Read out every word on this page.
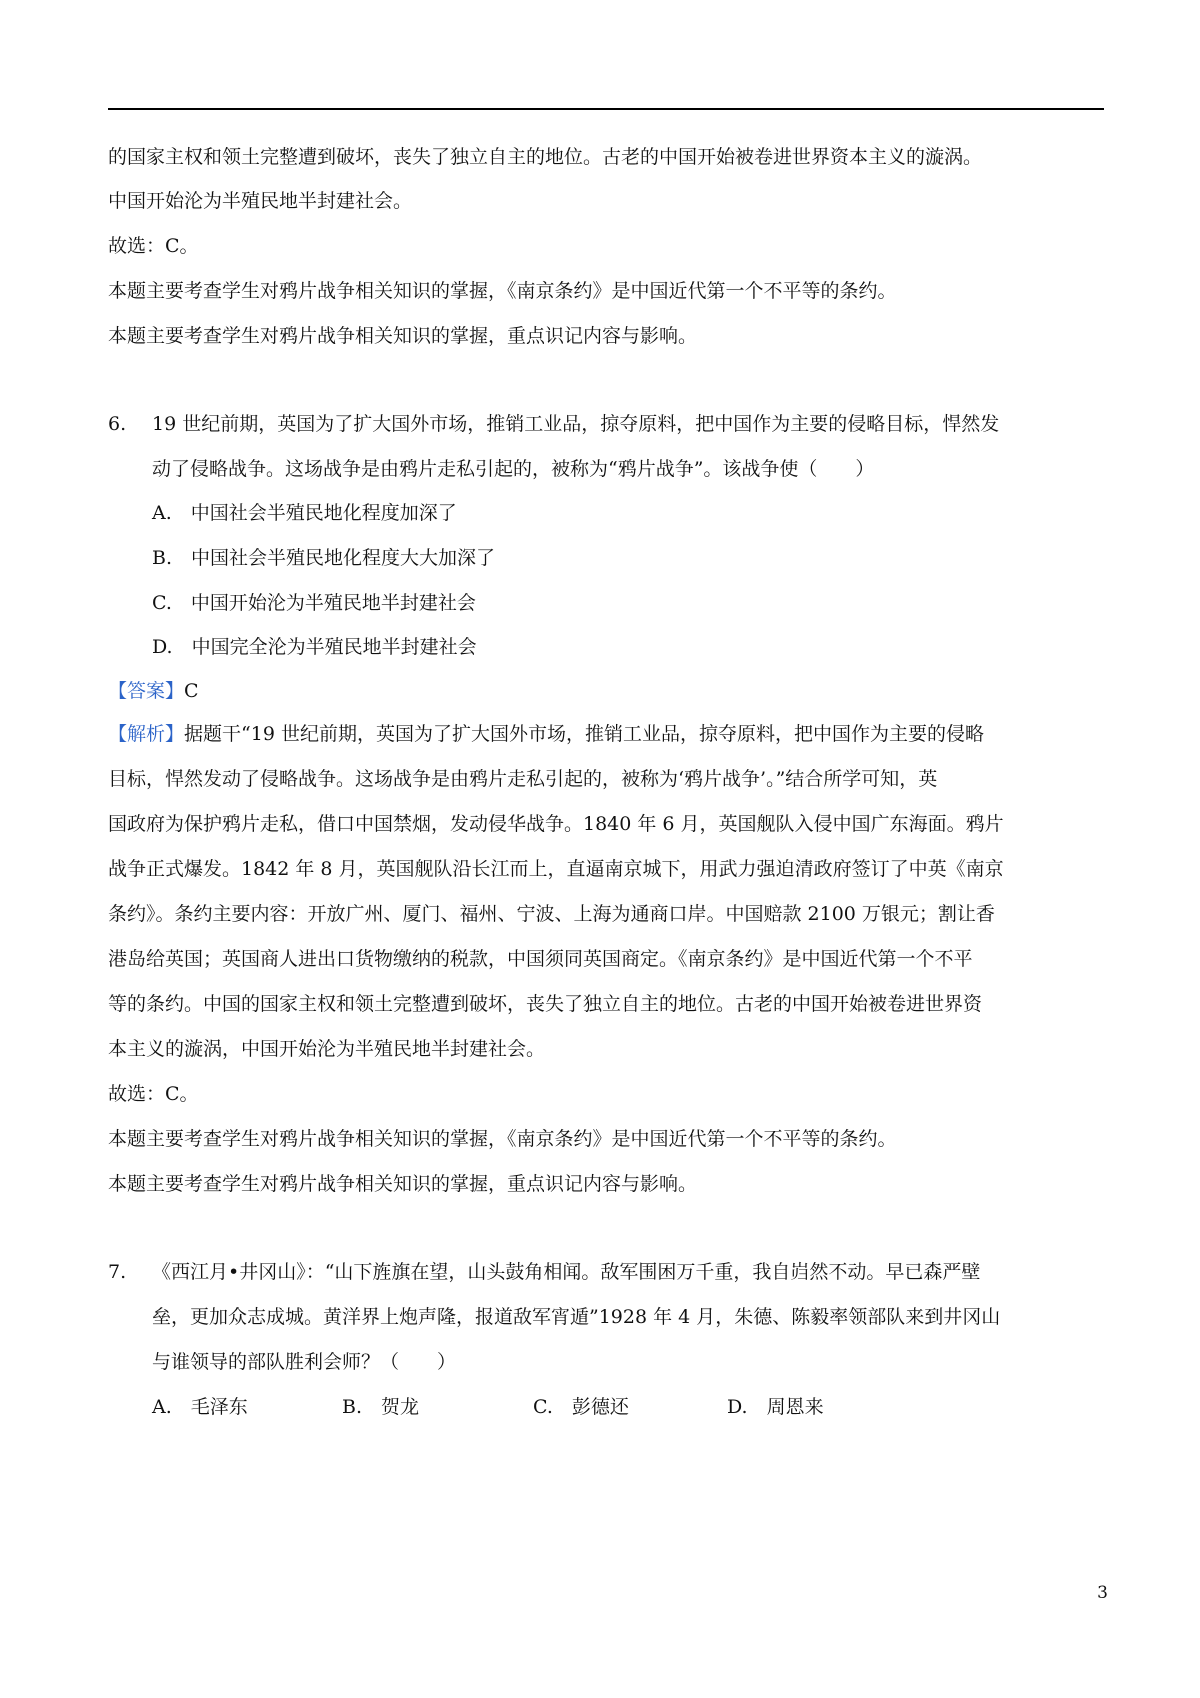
的国家主权和领土完整遭到破坏，丧失了独立自主的地位。古老的中国开始被卷进世界资本主义的漩涡。
中国开始沦为半殖民地半封建社会。
故选：C。
本题主要考查学生对鸦片战争相关知识的掌握，《南京条约》是中国近代第一个不平等的条约。
本题主要考查学生对鸦片战争相关知识的掌握，重点识记内容与影响。
6. 19 世纪前期，英国为了扩大国外市场，推销工业品，掠夺原料，把中国作为主要的侵略目标，悍然发
动了侵略战争。这场战争是由鸦片走私引起的，被称为“鸦片战争”。该战争使（　　）
A.　中国社会半殖民地化程度加深了
B.　中国社会半殖民地化程度大大加深了
C.　中国开始沦为半殖民地半封建社会
D.　中国完全沦为半殖民地半封建社会
【答案】C
【解析】据题干“19 世纪前期，英国为了扩大国外市场，推销工业品，掠夺原料，把中国作为主要的侵略
目标，悍然发动了侵略战争。这场战争是由鸦片走私引起的，被称为‘鸦片战争’。”结合所学可知，英
国政府为保护鸦片走私，借口中国禁烟，发动侵华战争。1840 年 6 月，英国舰队入侵中国广东海面。鸦片
战争正式爆发。1842 年 8 月，英国舰队沿长江而上，直逼南京城下，用武力强迫清政府签订了中英《南京
条约》。条约主要内容：开放广州、厦门、福州、宁波、上海为通商口岸。中国赔款 2100 万银元；割让香
港岛给英国；英国商人进出口货物缴纳的税款，中国须同英国商定。《南京条约》是中国近代第一个不平
等的条约。中国的国家主权和领土完整遭到破坏，丧失了独立自主的地位。古老的中国开始被卷进世界资
本主义的漩涡，中国开始沦为半殖民地半封建社会。
故选：C。
本题主要考查学生对鸦片战争相关知识的掌握，《南京条约》是中国近代第一个不平等的条约。
本题主要考查学生对鸦片战争相关知识的掌握，重点识记内容与影响。
7. 《西江月•井冈山》：“山下旌旗在望，山头鼓角相闻。敌军围困万千重，我自岿然不动。早已森严壁
垒，更加众志成城。黄洋界上炮声隆，报道敌军宵遁”1928 年 4 月，朱德、陈毅率领部队来到井冈山
与谁领导的部队胜利会师？（　　）
A.　毛泽东	B.　贺龙	C.　彭德还	D.　周恩来
3
